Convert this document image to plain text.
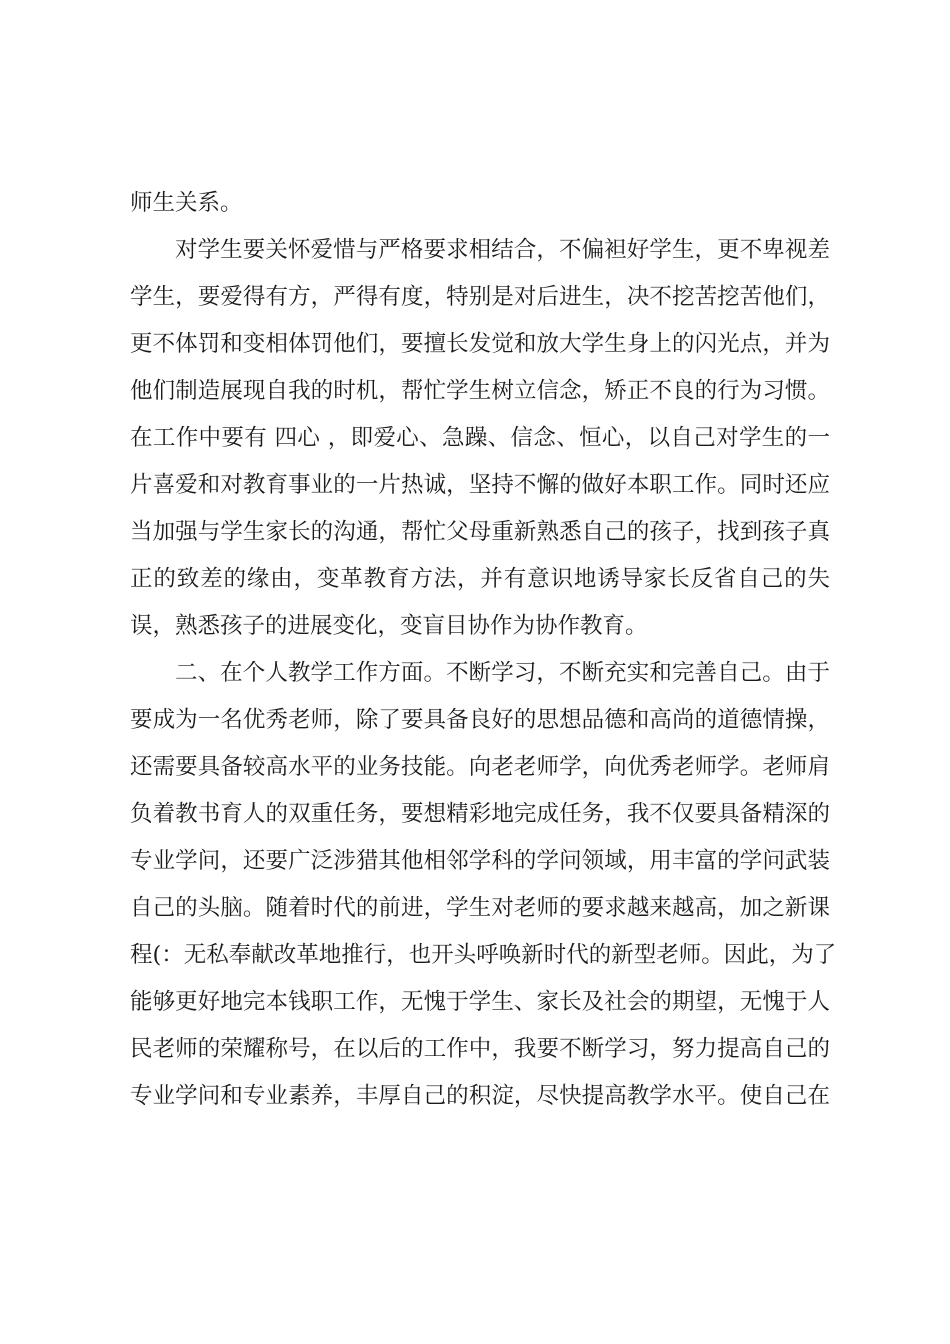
师生关系。
对学生要关怀爱惜与严格要求相结合，不偏袒好学生，更不卑视差
学生，要爱得有方，严得有度，特别是对后进生，决不挖苦挖苦他们，
更不体罚和变相体罚他们，要擅长发觉和放大学生身上的闪光点，并为
他们制造展现自我的时机，帮忙学生树立信念，矫正不良的行为习惯。
在工作中要有 四心 ，即爱心、急躁、信念、恒心，以自己对学生的一
片喜爱和对教育事业的一片热诚，坚持不懈的做好本职工作。同时还应
当加强与学生家长的沟通，帮忙父母重新熟悉自己的孩子，找到孩子真
正的致差的缘由，变革教育方法，并有意识地诱导家长反省自己的失
误，熟悉孩子的进展变化，变盲目协作为协作教育。
二、在个人教学工作方面。不断学习，不断充实和完善自己。由于
要成为一名优秀老师，除了要具备良好的思想品德和高尚的道德情操，
还需要具备较高水平的业务技能。向老老师学，向优秀老师学。老师肩
负着教书育人的双重任务，要想精彩地完成任务，我不仅要具备精深的
专业学问，还要广泛涉猎其他相邻学科的学问领域，用丰富的学问武装
自己的头脑。随着时代的前进，学生对老师的要求越来越高，加之新课
程(：无私奉献改革地推行，也开头呼唤新时代的新型老师。因此，为了
能够更好地完本钱职工作，无愧于学生、家长及社会的期望，无愧于人
民老师的荣耀称号，在以后的工作中，我要不断学习，努力提高自己的
专业学问和专业素养，丰厚自己的积淀，尽快提高教学水平。使自己在
